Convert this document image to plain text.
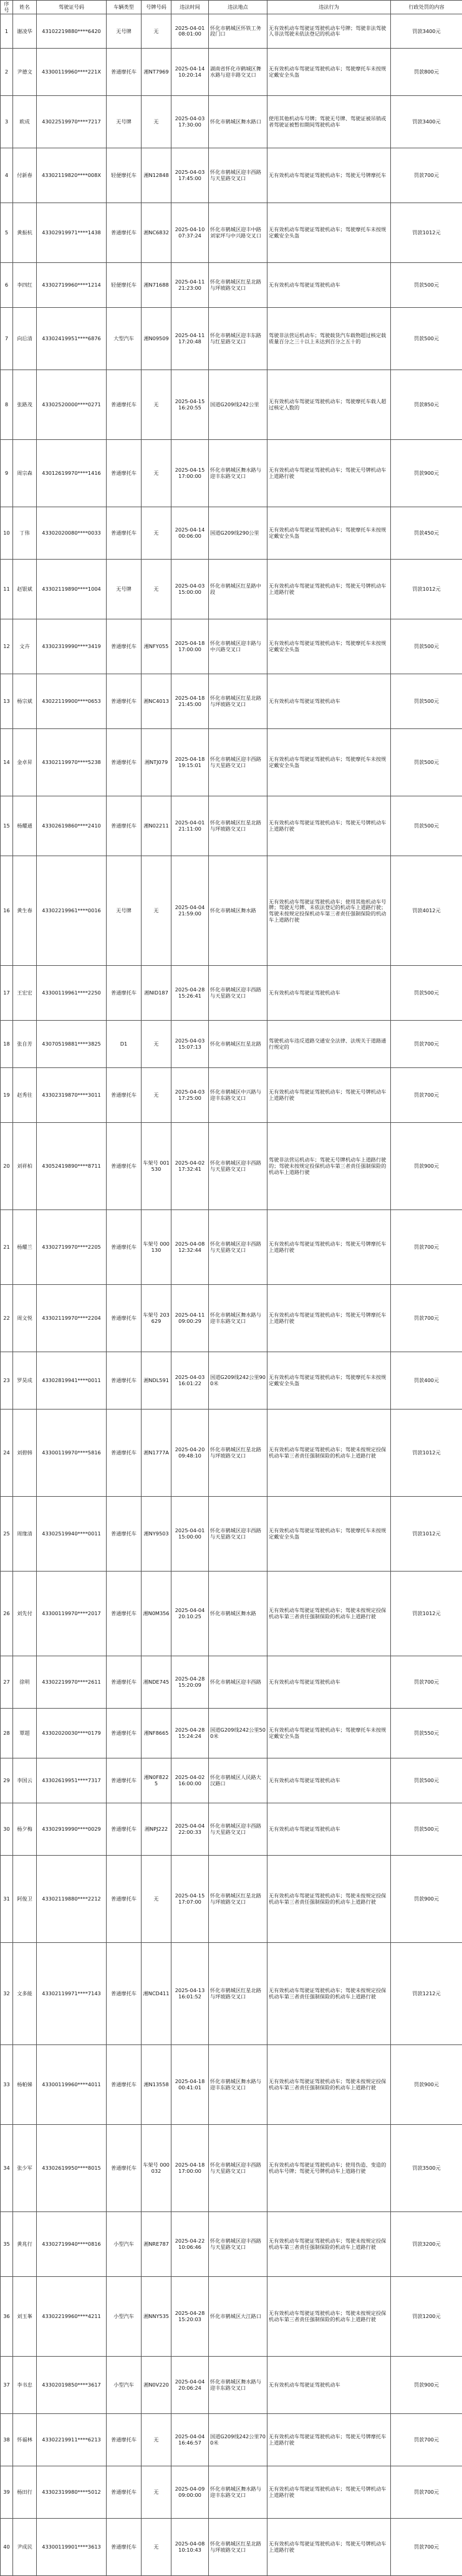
序号	姓名	驾驶证号码	车辆类型	号牌号码	违法时间	违法地点	违法行为	行政处罚的内容
1	谢凌华	43102219880****6420	无号牌	无	2025-04-01 08:01:00	怀化市鹤城区怀铁工务段门口	无有效机动车驾驶证驾驶机动车号牌；驾驶非法驾驶人非法驾驶未依法登记的机动车	罚款3400元
2	尹德文	43300119960****221X	普通摩托车	湘NT7969	2025-04-14 10:20:14	湖南省怀化市鹤城区舞水路与迎丰路交叉口	无有效机动车驾驶证驾驶机动车；驾驶摩托车未按规定戴安全头盔	罚款800元
3	欧成	43022519970****7217	无号牌	无	2025-04-03 17:30:00	怀化市鹤城区舞水路口	使用其他机动车号牌；驾驶无号牌、驾驶证被吊销或者驾驶证被暂扣期间驾驶机动车	罚款3400元
4	付新春	43302119820****008X	轻便摩托车	湘N12848	2025-04-03 17:45:00	怀化市鹤城区迎丰西路与天星路交叉口	无有效机动车驾驶证驾驶机动车；驾驶无号牌摩托车	罚款700元
5	黄振杭	43302919971****1438	普通摩托车	湘NC6832	2025-04-10 07:37:24	怀化市鹤城区迎丰中路刘家坪与中兴路交叉口	无有效机动车驾驶证驾驶机动车；驾驶摩托车未按规定戴安全头盔	罚款1012元
6	李四红	43302719960****1214	轻便摩托车	湘N71688	2025-04-11 21:23:00	怀化市鹤城区红星北路与坪坡路交叉口	无有效机动车驾驶证驾驶机动车	罚款500元
7	向后清	43302419951****6876	大型汽车	湘N09509	2025-04-11 17:20:48	怀化市鹤城区迎丰东路与红星路交叉口	驾驶非法营运机动车；驾驶载货汽车载物超过核定载质量百分之三十以上未达到百分之五十的	罚款500元
8	张路茂	43302520000****0271	普通摩托车	无	2025-04-15 16:20:55	国道G209线242公里	无有效机动车驾驶证驾驶机动车；驾驶摩托车载人超过核定人数的	罚款850元
9	周宗森	43012619970****1416	普通摩托车	无	2025-04-15 17:00:00	怀化市鹤城区舞水路与迎丰东路交叉口	无有效机动车驾驶证驾驶机动车；驾驶无号牌机动车上道路行驶	罚款900元
10	丁伟	43302020080****0033	普通摩托车	无	2025-04-14 00:06:00	国道G209线290公里	无有效机动车驾驶证驾驶机动车；驾驶摩托车未按规定戴安全头盔	罚款450元
11	赵银斌	43302119890****1004	无号牌	无	2025-04-03 15:00:00	怀化市鹤城区红星路中段	无有效机动车驾驶证驾驶机动车；驾驶无号牌机动车上道路行驶	罚款1012元
12	文卉	43302319990****3419	普通摩托车	湘NFY055	2025-04-18 17:00:00	怀化市鹤城区迎丰路与中兴路交叉口	无有效机动车驾驶证驾驶机动车；驾驶摩托车未按规定戴安全头盔	罚款500元
13	杨宗斌	43022119900****0653	普通摩托车	湘NC4013	2025-04-18 21:45:00	怀化市鹤城区红星北路与坪坡路交叉口	无有效机动车驾驶证驾驶机动车	罚款500元
14	金卓昇	43302119970****5238	普通摩托车	湘NTJ079	2025-04-18 19:15:01	怀化市鹤城区迎丰西路与天星路交叉口	无有效机动车驾驶证驾驶机动车；驾驶摩托车未按规定戴安全头盔	罚款500元
15	杨耀通	43302619860****2410	普通摩托车	湘N02211	2025-04-01 21:11:00	怀化市鹤城区红星北路与坪坡路交叉口	无有效机动车驾驶证驾驶机动车；驾驶无号牌机动车上道路行驶	罚款500元
16	黄生春	43302219961****0016	无号牌	无	2025-04-04 21:59:00	怀化市鹤城区舞水路	无有效机动车驾驶证驾驶机动车；使用其他机动车号牌；驾驶无号牌、未依法登记的机动车上道路行驶；驾驶未按规定投保机动车第三者责任强制保险的机动车上道路行驶	罚款4012元
17	王宏宏	43300119961****2250	普通摩托车	湘NID187	2025-04-28 15:26:41	怀化市鹤城区迎丰西路与天星路交叉口	无有效机动车驾驶证驾驶机动车	罚款500元
18	张自芳	43070519881****3825	D1	无	2025-04-03 15:07:13	怀化市鹤城区红星北路	驾驶机动车违反道路交通安全法律、法规关于道路通行规定的	罚款700元
19	赵秀往	43302319870****3011	普通摩托车	无	2025-04-03 17:25:00	怀化市鹤城区中兴路与迎丰东路交叉口	无有效机动车驾驶证驾驶机动车；驾驶无号牌机动车上道路行驶	罚款700元
20	刘祥柏	43052419890****8711	普通摩托车	车架号 001530	2025-04-02 17:32:41	怀化市鹤城区迎丰西路与天星路交叉口	驾驶非法营运机动车；驾驶无号牌机动车上道路行驶的；驾驶未按规定投保机动车第三者责任强制保险的机动车上道路行驶	罚款900元
21	杨耀兰	43302719970****2205	普通摩托车	车架号 000130	2025-04-08 12:32:44	怀化市鹤城区迎丰西路与天星路交叉口	无有效机动车驾驶证驾驶机动车；驾驶无号牌摩托车上道路行驶	罚款700元
22	周文悦	43302119970****2204	普通摩托车	车架号 203629	2025-04-11 09:00:29	怀化市鹤城区舞水路与迎丰东路交叉口	无有效机动车驾驶证驾驶机动车；驾驶无号牌摩托车上道路行驶	罚款700元
23	罗昊成	43302819941****0011	普通摩托车	湘NDL591	2025-04-03 16:01:22	国道G209线242公里900米	无有效机动车驾驶证驾驶机动车；驾驶摩托车未按规定戴安全头盔	罚款400元
24	刘碧韩	43300119970****5816	普通摩托车	湘N1777A	2025-04-20 09:48:10	怀化市鹤城区红星北路与坪坡路交叉口	无有效机动车驾驶证驾驶机动车；驾驶未按规定投保机动车第三者责任强制保险的机动车上道路行驶	罚款1012元
25	周缘清	43302519940****0011	普通摩托车	湘NY9503	2025-04-01 15:00:00	怀化市鹤城区迎丰西路与天星路交叉口	无有效机动车驾驶证驾驶机动车；驾驶摩托车未按规定戴安全头盔	罚款1012元
26	刘先付	43300119970****2017	普通摩托车	湘N0M356	2025-04-04 20:10:25	怀化市鹤城区舞水路	无有效机动车驾驶证驾驶机动车；驾驶未按规定投保机动车第三者责任强制保险的机动车上道路行驶	罚款1012元
27	徐明	43302219970****2611	普通摩托车	湘NDE745	2025-04-28 15:20:09	怀化市鹤城区迎丰西路	无有效机动车驾驶证驾驶机动车	罚款700元
28	覃超	43302020030****0179	普通摩托车	湘NF8665	2025-04-28 15:24:24	国道G209线242公里500米	无有效机动车驾驶证驾驶机动车；驾驶摩托车未按规定戴安全头盔	罚款550元
29	李国云	43302619951****7317	普通摩托车	湘N0F8225	2025-04-02 16:00:00	怀化市鹤城区人民路大汉路口	无有效机动车驾驶证驾驶机动车	罚款500元
30	杨夕梅	43302919990****0029	普通摩托车	湘NPJ222	2025-04-04 22:00:33	怀化市鹤城区迎丰西路与天星路交叉口	无有效机动车驾驶证驾驶机动车	罚款500元
31	阿俊卫	43302119880****2212	普通摩托车	无	2025-04-15 17:07:00	怀化市鹤城区红星北路与坪坡路交叉口	无有效机动车驾驶证驾驶机动车；驾驶未按规定投保机动车第三者责任强制保险的机动车上道路行驶	罚款900元
32	文多能	43302119971****7143	普通摩托车	湘NCD411	2025-04-13 16:01:52	怀化市鹤城区红星北路与坪坡路交叉口	无有效机动车驾驶证驾驶机动车；驾驶未按规定投保机动车第三者责任强制保险的机动车上道路行驶	罚款1212元
33	杨帕娣	43300119960****4011	普通摩托车	湘N13558	2025-04-18 00:41:01	怀化市鹤城区舞水路与迎丰东路交叉口	无有效机动车驾驶证驾驶机动车；驾驶未按规定投保机动车第三者责任强制保险的机动车上道路行驶	罚款900元
34	张少军	43302619950****8015	普通摩托车	车架号 000032	2025-04-18 17:00:00	怀化市鹤城区迎丰西路与天星路交叉口	无有效机动车驾驶证驾驶机动车；使用伪造、变造的机动车号牌；驾驶无号牌机动车上道路行驶	罚款3500元
35	黄兆行	43302719940****0816	小型汽车	湘NRE787	2025-04-22 10:06:46	怀化市鹤城区迎丰西路与天星路交叉口	无有效机动车驾驶证驾驶机动车；驾驶未按规定投保机动车第三者责任强制保险的机动车上道路行驶	罚款3200元
36	刘玉峯	43302219960****4211	小型汽车	湘NNY535	2025-04-28 15:20:03	怀化市鹤城区大江路口	无有效机动车驾驶证驾驶机动车；驾驶未按规定投保机动车第三者责任强制保险的机动车上道路行驶	罚款1200元
37	李书忠	43302019850****3617	小型汽车	湘N0V220	2025-04-04 20:06:24	怀化市鹤城区舞水路与迎丰东路交叉口	无有效机动车驾驶证驾驶机动车	罚款900元
38	怀福林	43302219911****6213	普通摩托车	无	2025-04-04 16:46:57	国道G209线242公里700米	无有效机动车驾驶证驾驶机动车；驾驶无号牌摩托车上道路行驶	罚款700元
39	杨田行	43302319980****5012	普通摩托车	无	2025-04-09 09:00:00	怀化市鹤城区舞水路与迎丰东路交叉口	无有效机动车驾驶证驾驶机动车；驾驶无号牌机动车上道路行驶	罚款700元
40	尹成民	43300119901****3613	普通摩托车	无	2025-04-08 10:10:43	怀化市鹤城区红星北路与坪坡路交叉口	无有效机动车驾驶证驾驶机动车；驾驶无号牌机动车上道路行驶	罚款700元
